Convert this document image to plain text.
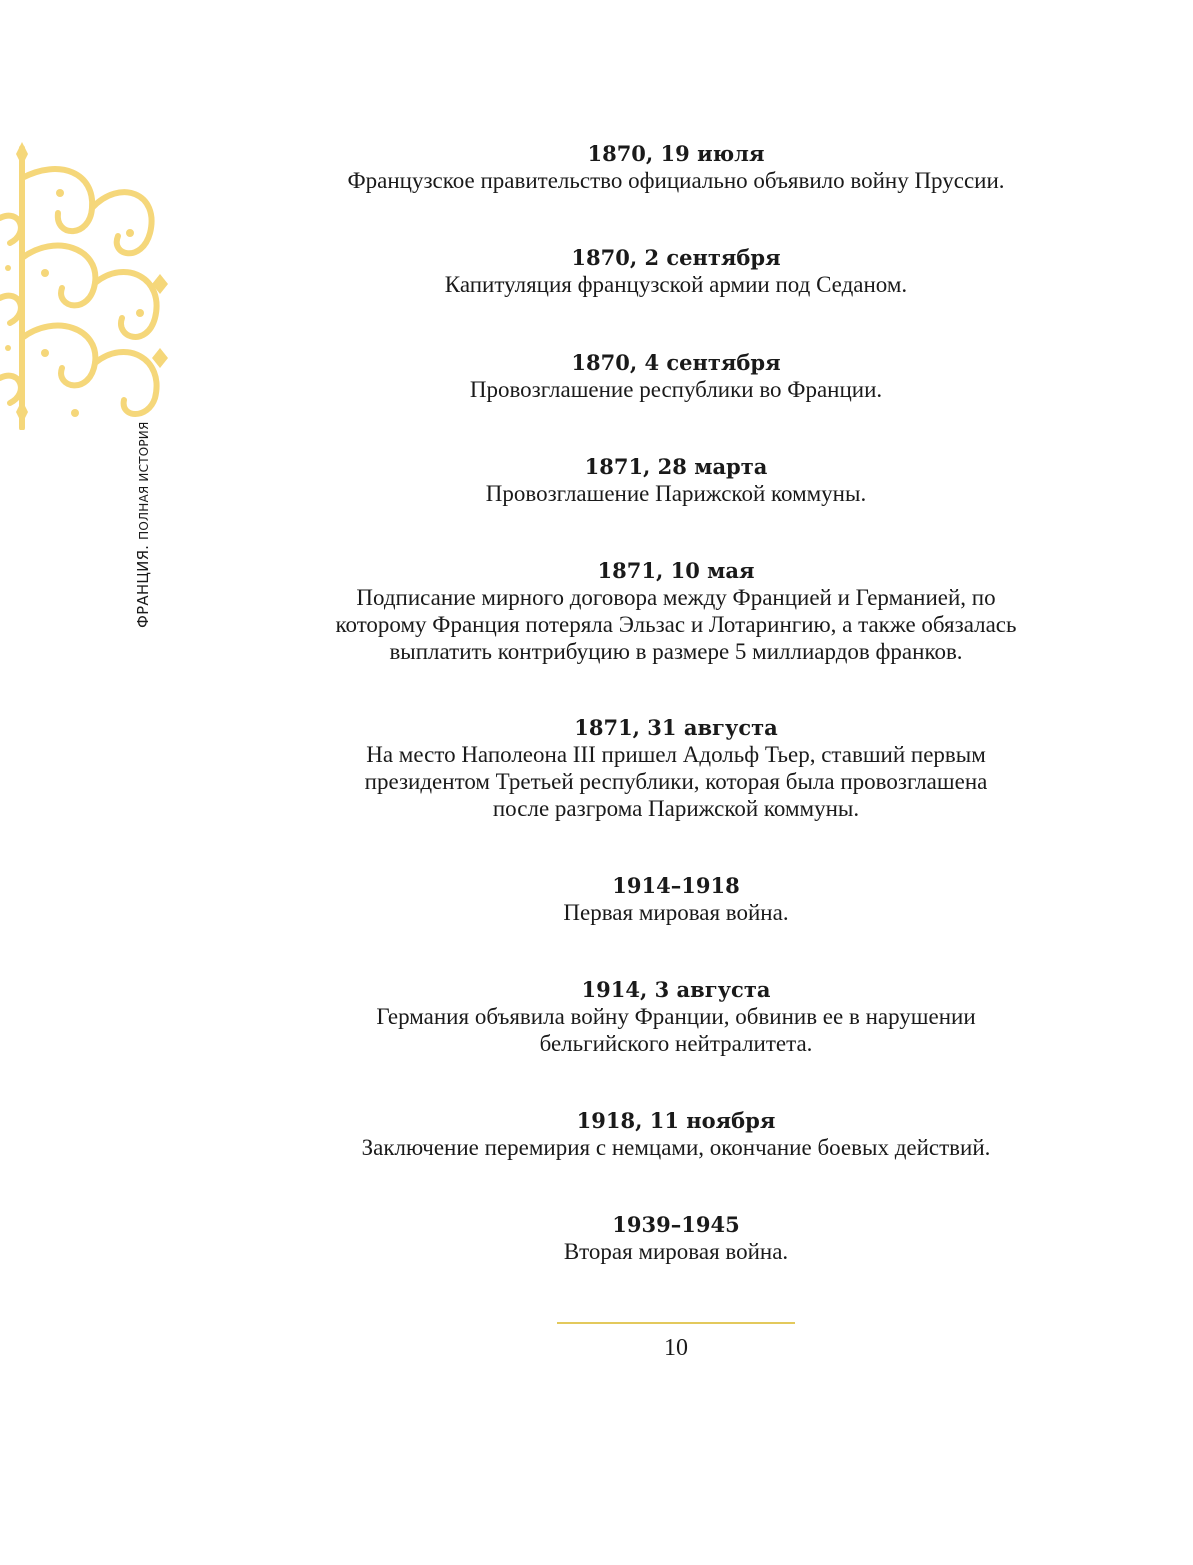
ФРАНЦИЯ.ПОЛНАЯ ИСТОРИЯ
1870, 19 июля
Французское правительство официально объявило войну Пруссии.
1870, 2 сентября
Капитуляция французской армии под Седаном.
1870, 4 сентября
Провозглашение республики во Франции.
1871, 28 марта
Провозглашение Парижской коммуны.
1871, 10 мая
Подписание мирного договора между Францией и Германией, по
которому Франция потеряла Эльзас и Лотарингию, а также обязалась
выплатить контрибуцию в размере 5 миллиардов франков.
1871, 31 августа
На место Наполеона III пришел Адольф Тьер, ставший первым
президентом Третьей республики, которая была провозглашена
после разгрома Парижской коммуны.
1914–1918
Первая мировая война.
1914, 3 августа
Германия объявила войну Франции, обвинив ее в нарушении
бельгийского нейтралитета.
1918, 11 ноября
Заключение перемирия с немцами, окончание боевых действий.
1939–1945
Вторая мировая война.
10
